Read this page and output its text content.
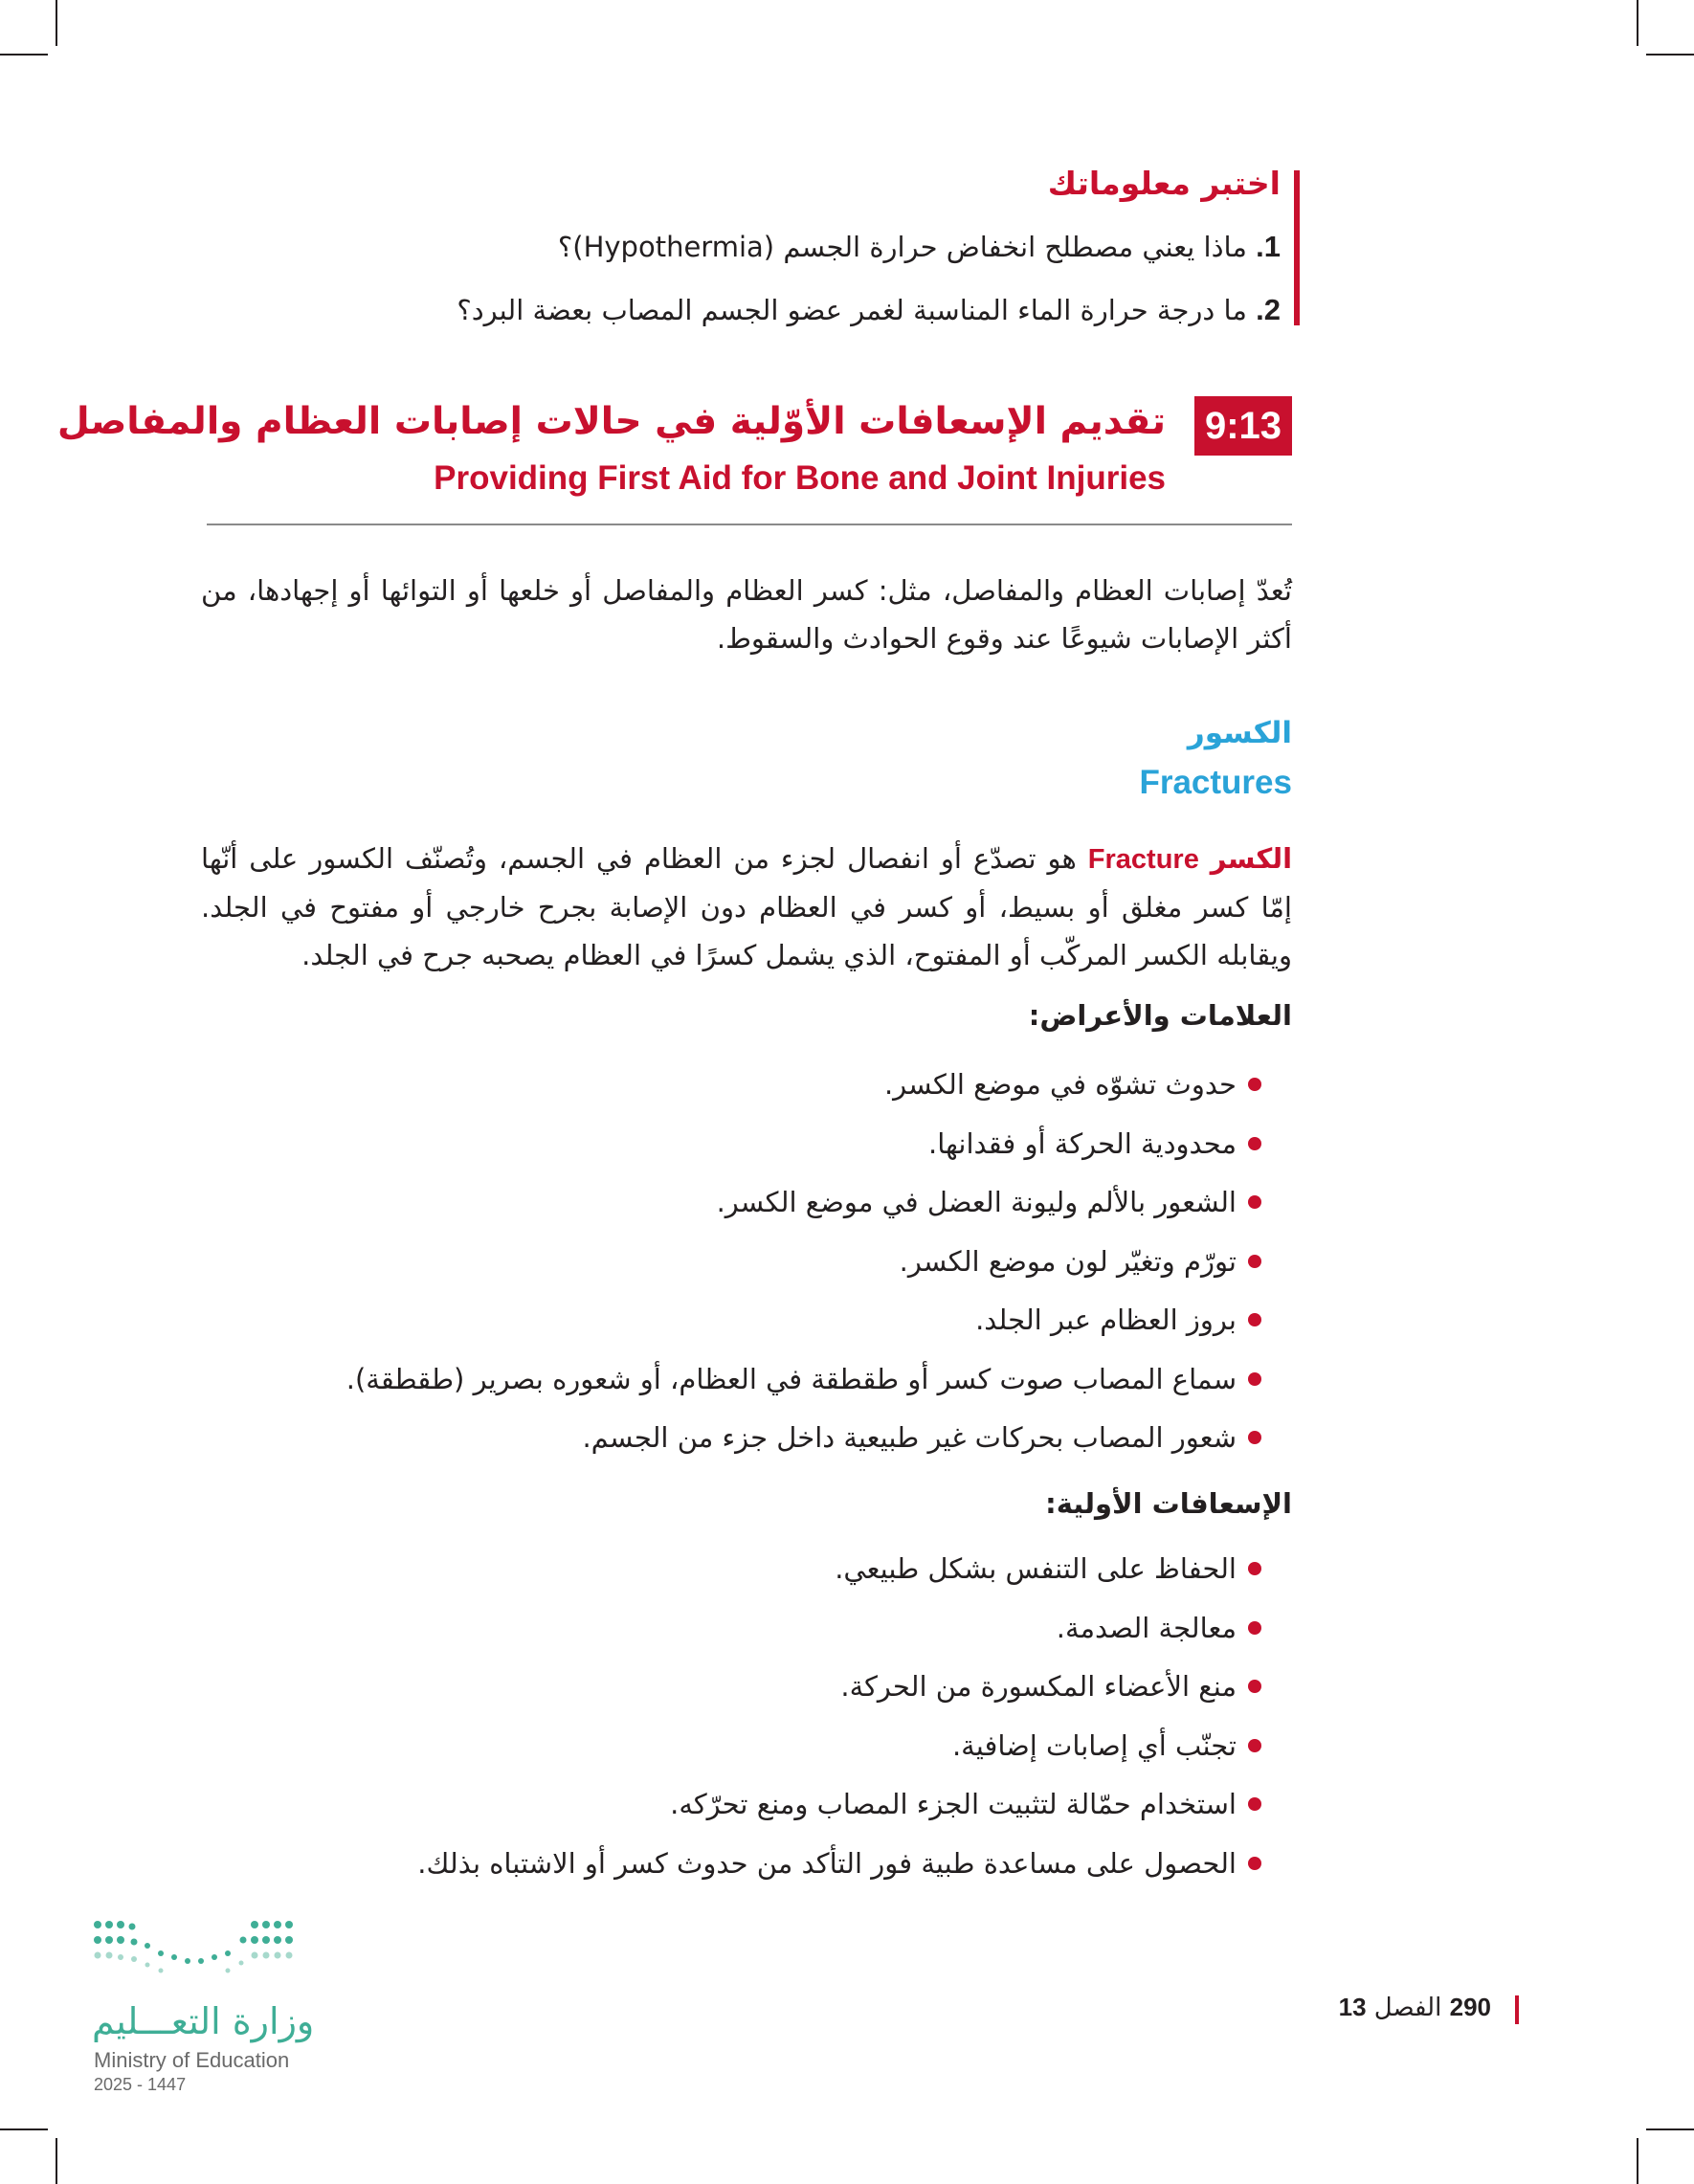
اختبر معلوماتك
1. ماذا يعني مصطلح انخفاض حرارة الجسم (Hypothermia)؟
2. ما درجة حرارة الماء المناسبة لغمر عضو الجسم المصاب بعضة البرد؟
9:13
تقديم الإسعافات الأوّلية في حالات إصابات العظام والمفاصل
Providing First Aid for Bone and Joint Injuries
تُعدّ إصابات العظام والمفاصل، مثل: كسر العظام والمفاصل أو خلعها أو التوائها أو إجهادها، من أكثر الإصابات شيوعًا عند وقوع الحوادث والسقوط.
الكسور
Fractures
الكسر Fracture هو تصدّع أو انفصال لجزء من العظام في الجسم، وتُصنّف الكسور على أنّها إمّا كسر مغلق أو بسيط، أو كسر في العظام دون الإصابة بجرح خارجي أو مفتوح في الجلد. ويقابله الكسر المركّب أو المفتوح، الذي يشمل كسرًا في العظام يصحبه جرح في الجلد.
العلامات والأعراض:
حدوث تشوّه في موضع الكسر.
محدودية الحركة أو فقدانها.
الشعور بالألم وليونة العضل في موضع الكسر.
تورّم وتغيّر لون موضع الكسر.
بروز العظام عبر الجلد.
سماع المصاب صوت كسر أو طقطقة في العظام، أو شعوره بصرير (طقطقة).
شعور المصاب بحركات غير طبيعية داخل جزء من الجسم.
الإسعافات الأولية:
الحفاظ على التنفس بشكل طبيعي.
معالجة الصدمة.
منع الأعضاء المكسورة من الحركة.
تجنّب أي إصابات إضافية.
استخدام حمّالة لتثبيت الجزء المصاب ومنع تحرّكه.
الحصول على مساعدة طبية فور التأكد من حدوث كسر أو الاشتباه بذلك.
وزارة التعـــليم
Ministry of Education
2025 - 1447
290 الفصل 13
